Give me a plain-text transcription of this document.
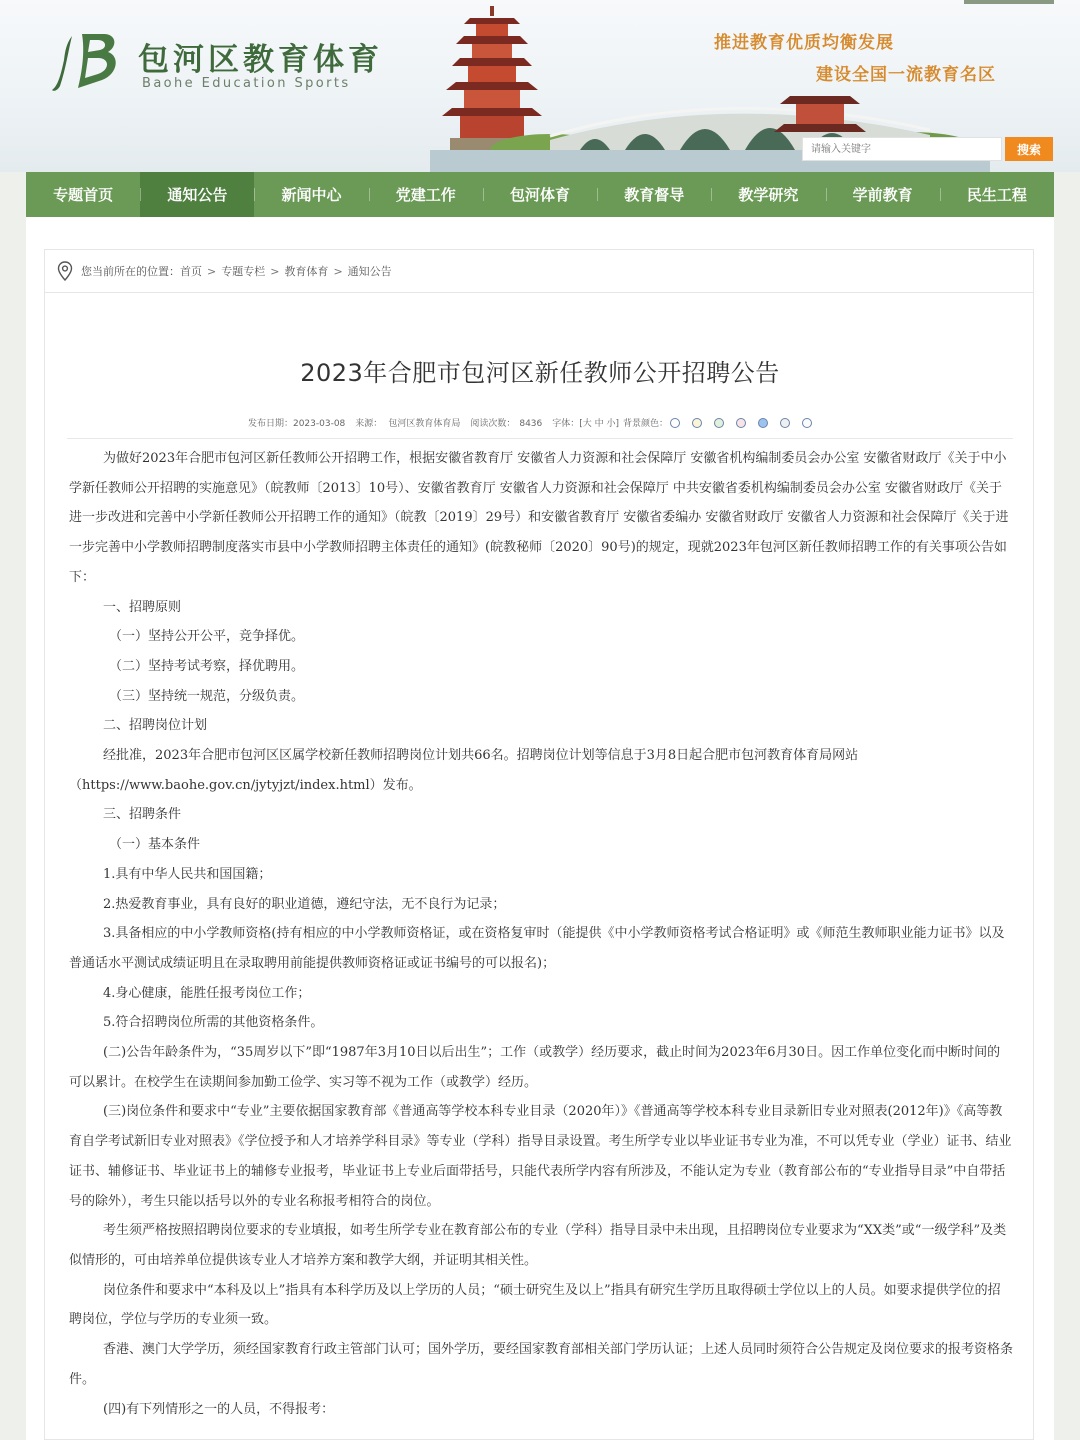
包河区教育体育
Baohe Education Sports
推进教育优质均衡发展
建设全国一流教育名区
请输入关键字
搜索
专题首页	通知公告	新闻中心	党建工作	包河体育	教育督导	教学研究	学前教育	民生工程
您当前所在的位置： 首页 > 专题专栏 > 教育体育 > 通知公告
2023年合肥市包河区新任教师公开招聘公告
发布日期：2023-03-08 来源： 包河区教育体育局 阅读次数： 8436 字体：[大 中 小] 背景颜色：

为做好2023年合肥市包河区新任教师公开招聘工作，根据安徽省教育厅 安徽省人力资源和社会保障厅 安徽省机构编制委员会办公室 安徽省财政厅《关于中小学新任教师公开招聘的实施意见》（皖教师〔2013〕10号）、安徽省教育厅 安徽省人力资源和社会保障厅 中共安徽省委机构编制委员会办公室 安徽省财政厅《关于进一步改进和完善中小学新任教师公开招聘工作的通知》（皖教〔2019〕29号）和安徽省教育厅 安徽省委编办 安徽省财政厅 安徽省人力资源和社会保障厅《关于进一步完善中小学教师招聘制度落实市县中小学教师招聘主体责任的通知》(皖教秘师〔2020〕90号)的规定，现就2023年包河区新任教师招聘工作的有关事项公告如下：

一、招聘原则

（一）坚持公开公平，竞争择优。

（二）坚持考试考察，择优聘用。

（三）坚持统一规范，分级负责。

二、招聘岗位计划

经批准，2023年合肥市包河区区属学校新任教师招聘岗位计划共66名。招聘岗位计划等信息于3月8日起合肥市包河教育体育局网站（https://www.baohe.gov.cn/jytyjzt/index.html）发布。

三、招聘条件

（一）基本条件

1.具有中华人民共和国国籍；

2.热爱教育事业，具有良好的职业道德，遵纪守法，无不良行为记录；

3.具备相应的中小学教师资格(持有相应的中小学教师资格证，或在资格复审时（能提供《中小学教师资格考试合格证明》或《师范生教师职业能力证书》以及普通话水平测试成绩证明且在录取聘用前能提供教师资格证或证书编号的可以报名)；

4.身心健康，能胜任报考岗位工作；

5.符合招聘岗位所需的其他资格条件。

(二)公告年龄条件为，“35周岁以下”即“1987年3月10日以后出生”；工作（或教学）经历要求，截止时间为2023年6月30日。因工作单位变化而中断时间的可以累计。在校学生在读期间参加勤工俭学、实习等不视为工作（或教学）经历。

(三)岗位条件和要求中“专业”主要依据国家教育部《普通高等学校本科专业目录（2020年）》《普通高等学校本科专业目录新旧专业对照表(2012年)》《高等教育自学考试新旧专业对照表》《学位授予和人才培养学科目录》等专业（学科）指导目录设置。考生所学专业以毕业证书专业为准，不可以凭专业（学业）证书、结业证书、辅修证书、毕业证书上的辅修专业报考，毕业证书上专业后面带括号，只能代表所学内容有所涉及，不能认定为专业（教育部公布的“专业指导目录”中自带括号的除外），考生只能以括号以外的专业名称报考相符合的岗位。

考生须严格按照招聘岗位要求的专业填报，如考生所学专业在教育部公布的专业（学科）指导目录中未出现，且招聘岗位专业要求为“XX类”或“一级学科”及类似情形的，可由培养单位提供该专业人才培养方案和教学大纲，并证明其相关性。

岗位条件和要求中“本科及以上”指具有本科学历及以上学历的人员；“硕士研究生及以上”指具有研究生学历且取得硕士学位以上的人员。如要求提供学位的招聘岗位，学位与学历的专业须一致。

香港、澳门大学学历，须经国家教育行政主管部门认可；国外学历，要经国家教育部相关部门学历认证；上述人员同时须符合公告规定及岗位要求的报考资格条件。

(四)有下列情形之一的人员，不得报考：
